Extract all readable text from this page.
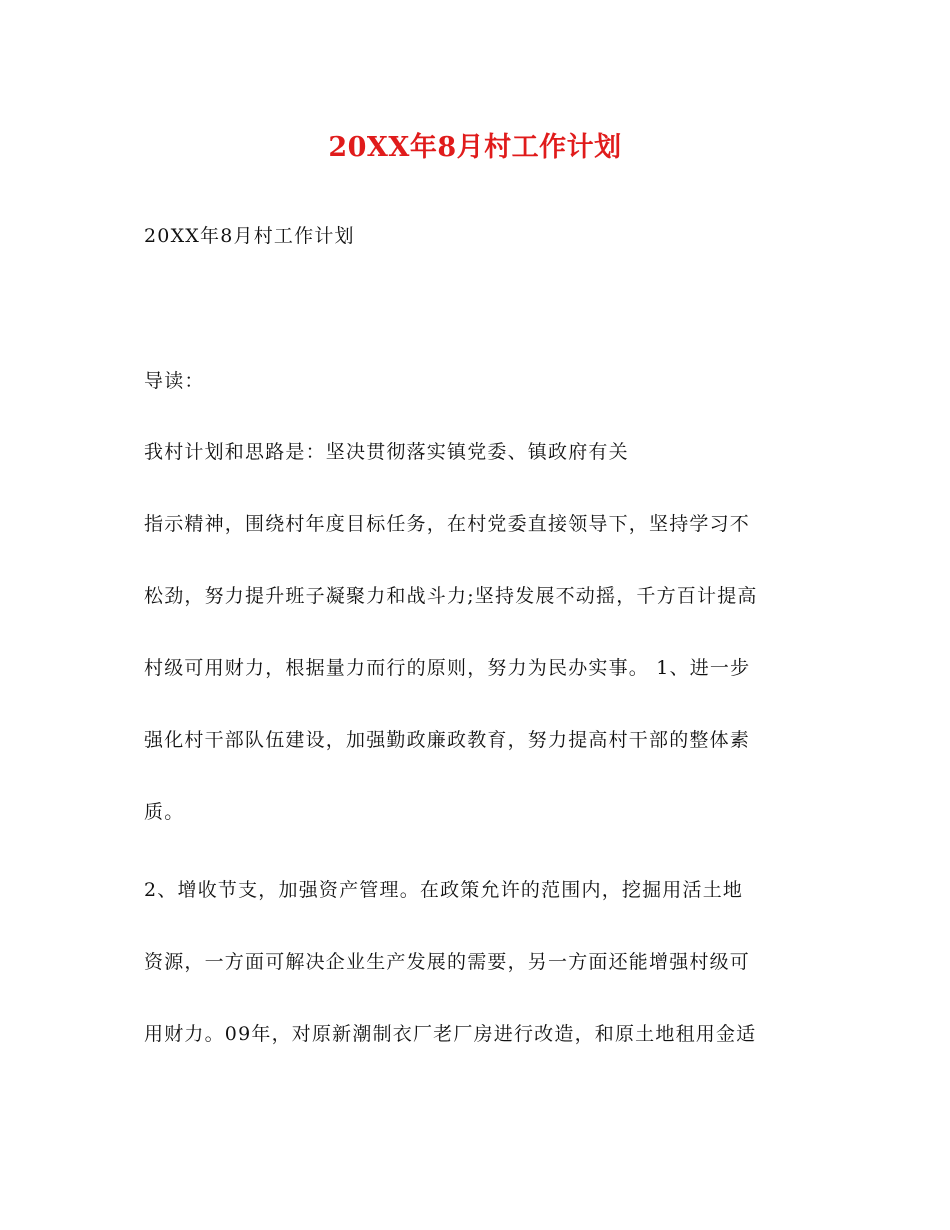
20XX年8月村工作计划
20XX年8月村工作计划
导读：
我村计划和思路是：坚决贯彻落实镇党委、镇政府有关
指示精神，围绕村年度目标任务，在村党委直接领导下，坚持学习不
松劲，努力提升班子凝聚力和战斗力;坚持发展不动摇，千方百计提高
村级可用财力，根据量力而行的原则，努力为民办实事。 1、进一步
强化村干部队伍建设，加强勤政廉政教育，努力提高村干部的整体素
质。
2、增收节支，加强资产管理。在政策允许的范围内，挖掘用活土地
资源，一方面可解决企业生产发展的需要，另一方面还能增强村级可
用财力。09年，对原新潮制衣厂老厂房进行改造，和原土地租用金适
